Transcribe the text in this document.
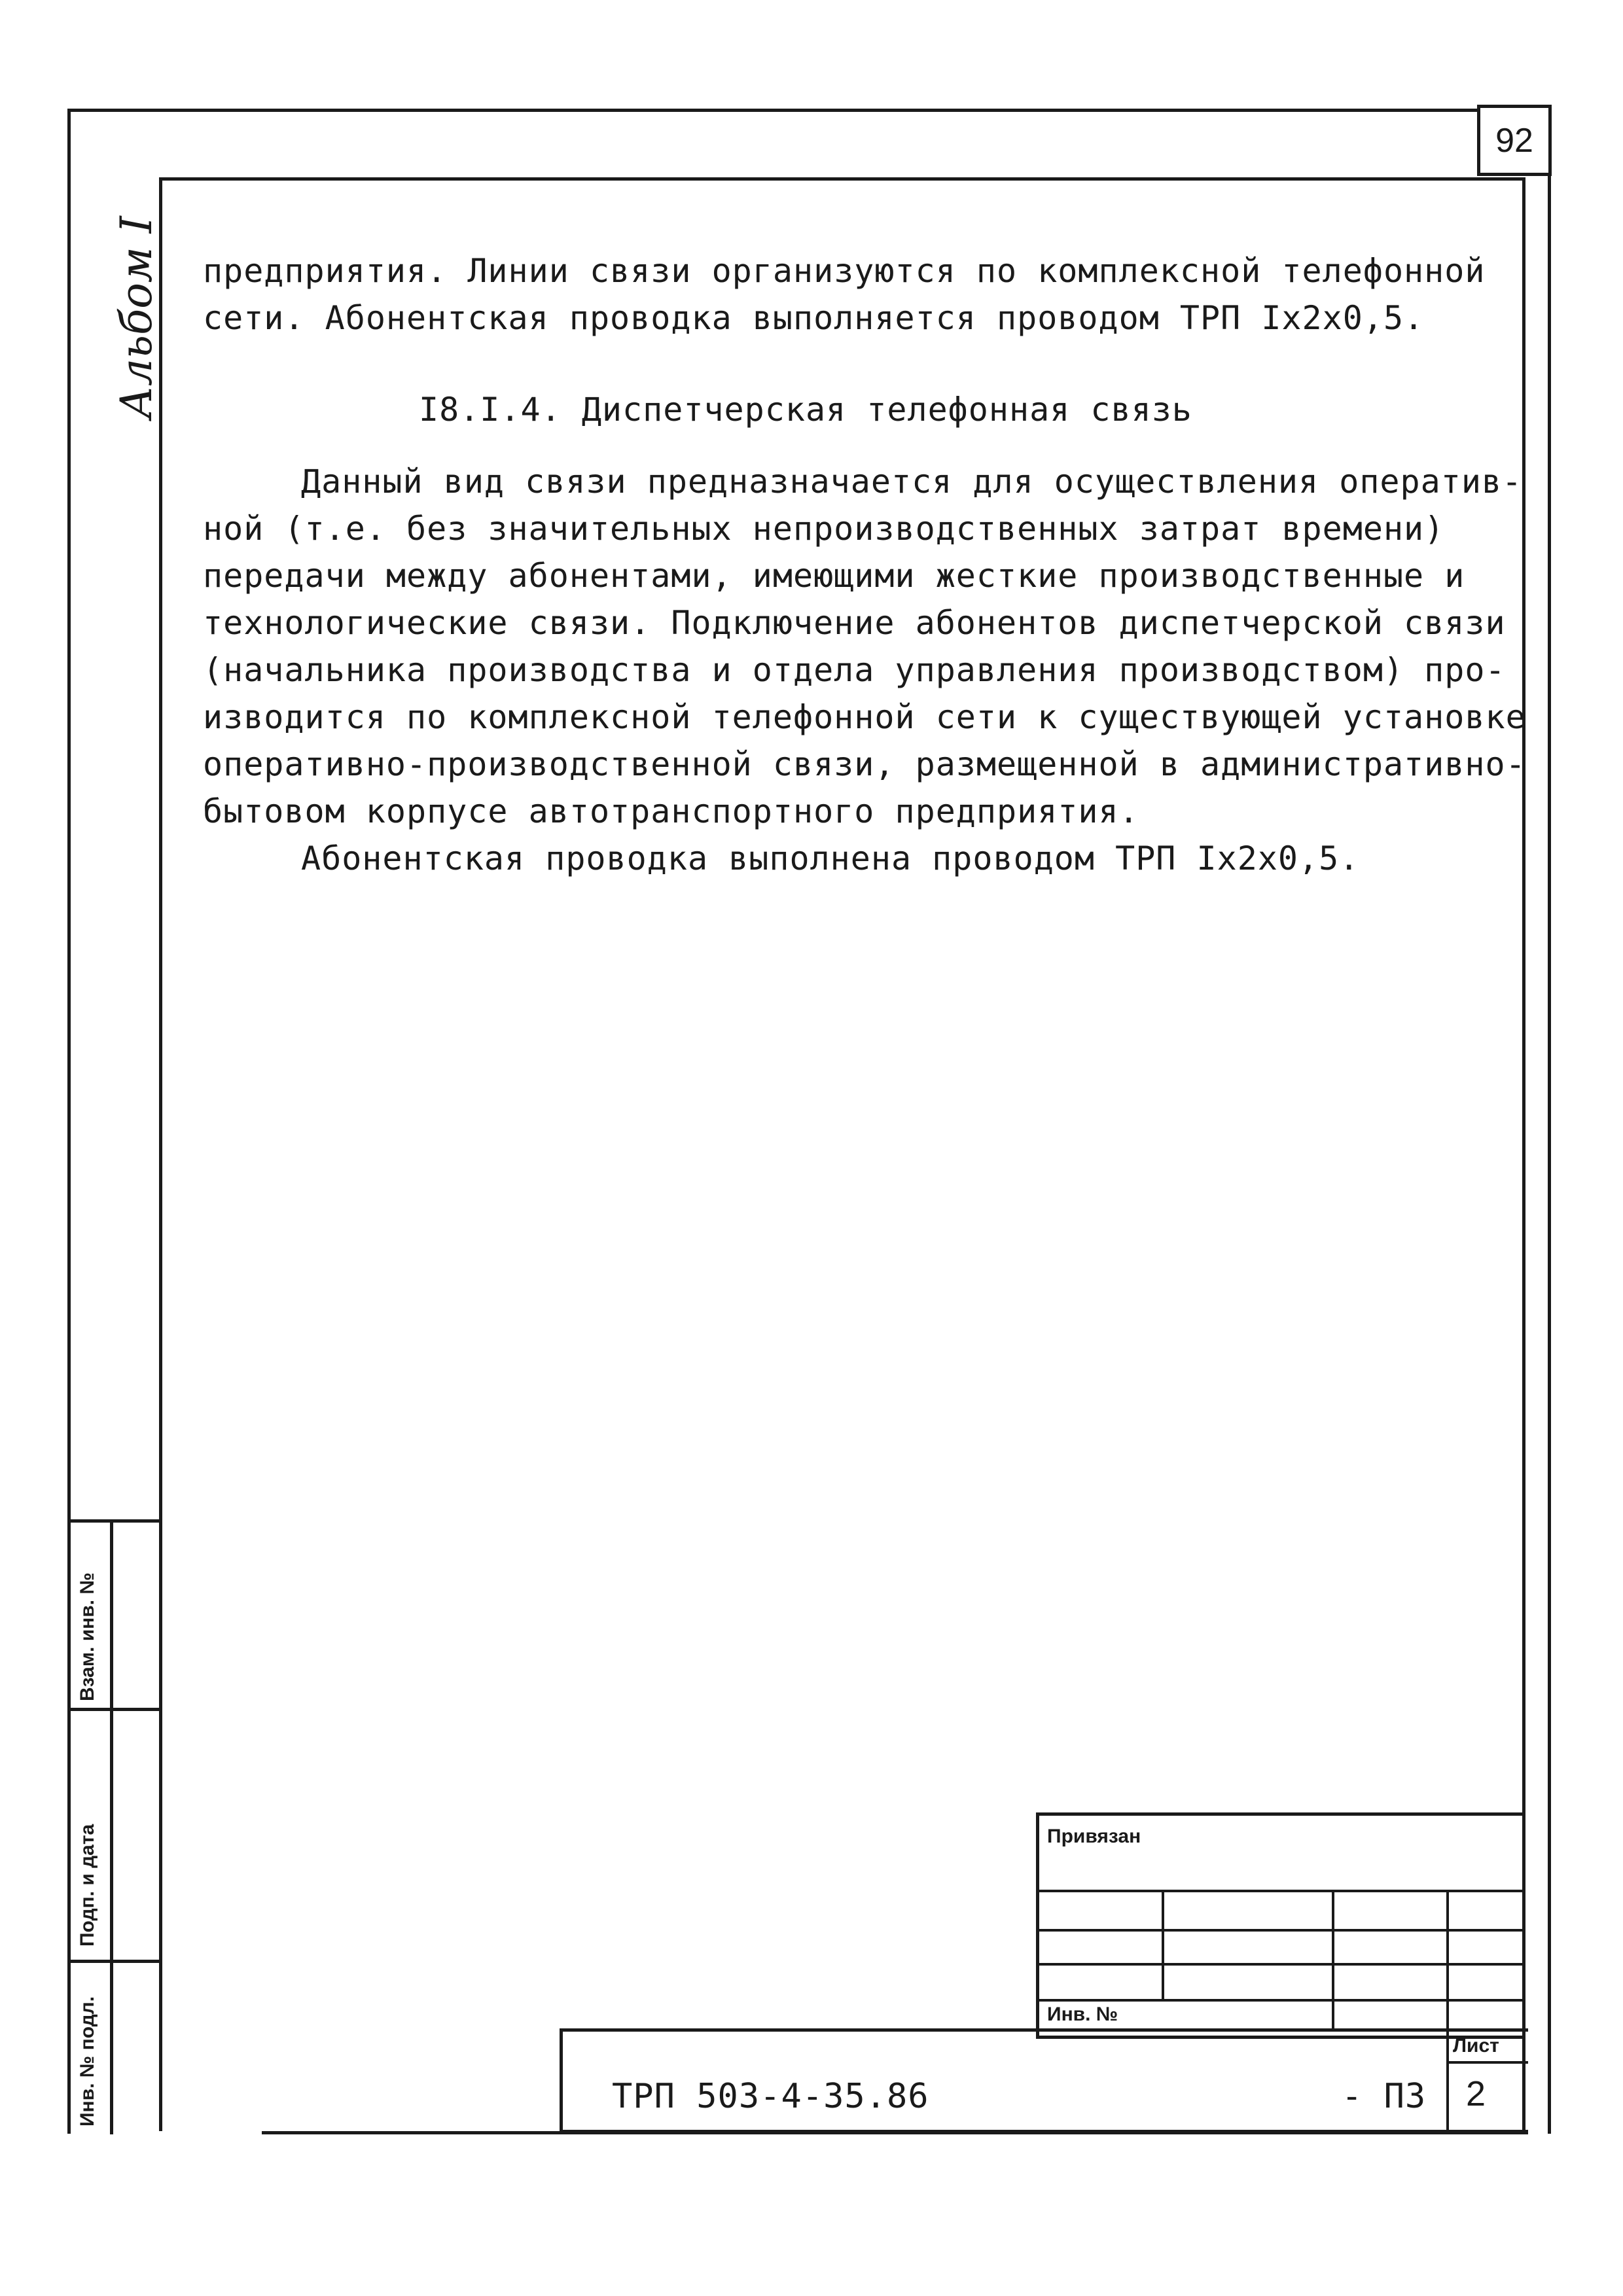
92
Альбом I
Взам. инв. №
Подп. и дата
Инв. № подл.
предприятия. Линии связи организуются по комплексной телефонной
сети. Абонентская проводка выполняется проводом ТРП Iх2х0,5.
I8.I.4. Диспетчерская телефонная связь
Данный вид связи предназначается для осуществления оператив-
ной (т.е. без значительных непроизводственных затрат времени)
передачи между абонентами, имеющими жесткие производственные и
технологические связи. Подключение абонентов диспетчерской связи
(начальника производства и отдела управления производством) про-
изводится по комплексной телефонной сети к существующей установке
оперативно-производственной связи, размещенной в административно-
бытовом корпусе автотранспортного предприятия.
Абонентская проводка выполнена проводом ТРП Iх2х0,5.
Привязан
Инв. №
Лист
ТРП 503-4-35.86	- ПЗ 2
